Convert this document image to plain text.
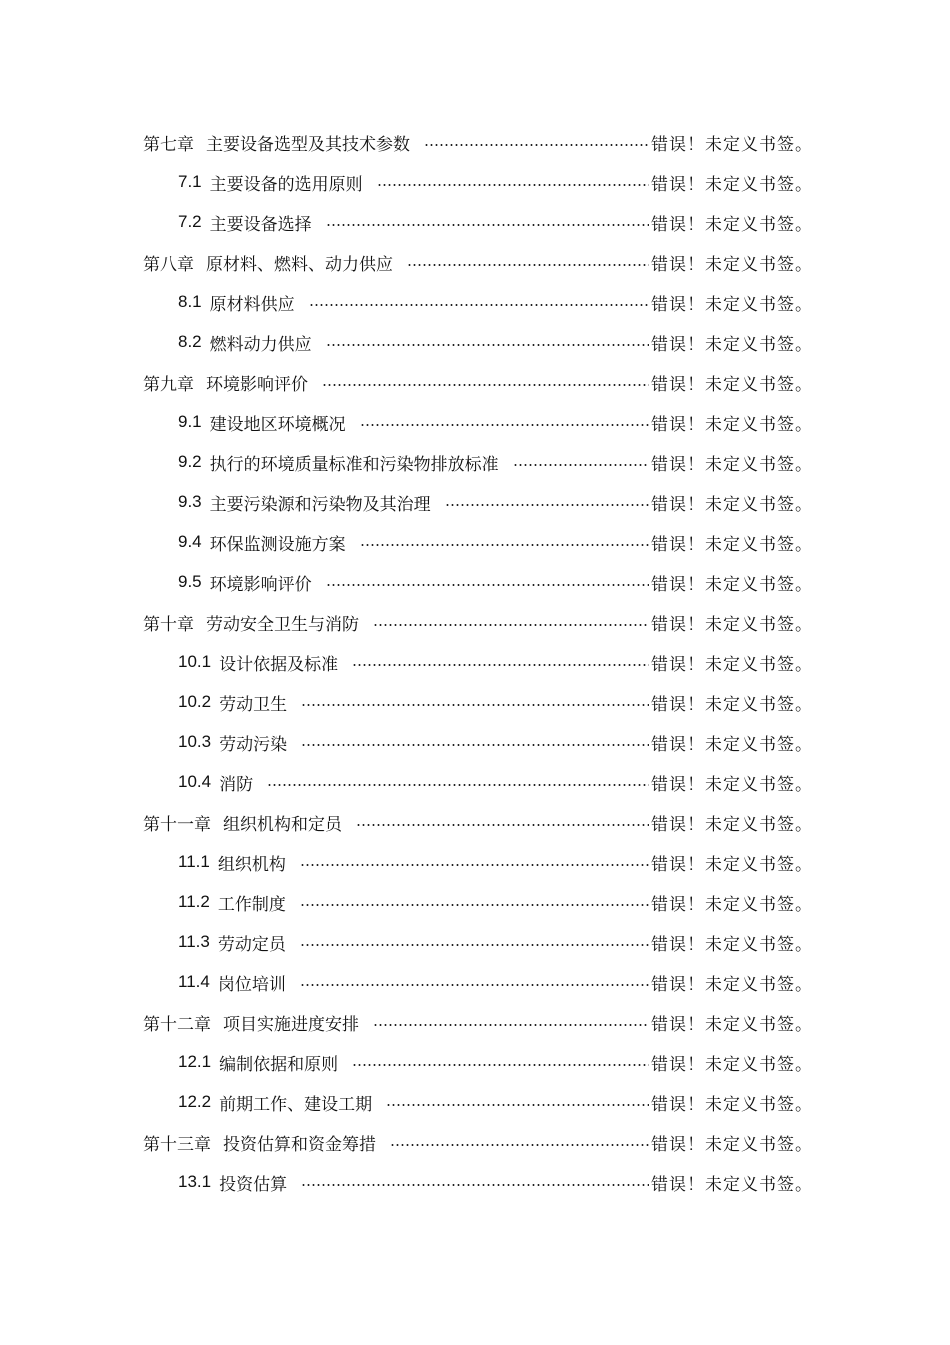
第七章 主要设备选型及其技术参数	错误！未定义书签。
7.1 主要设备的选用原则	错误！未定义书签。
7.2 主要设备选择	错误！未定义书签。
第八章 原材料、燃料、动力供应	错误！未定义书签。
8.1 原材料供应	错误！未定义书签。
8.2 燃料动力供应	错误！未定义书签。
第九章 环境影响评价	错误！未定义书签。
9.1 建设地区环境概况	错误！未定义书签。
9.2 执行的环境质量标准和污染物排放标准	错误！未定义书签。
9.3 主要污染源和污染物及其治理	错误！未定义书签。
9.4 环保监测设施方案	错误！未定义书签。
9.5 环境影响评价	错误！未定义书签。
第十章 劳动安全卫生与消防	错误！未定义书签。
10.1 设计依据及标准	错误！未定义书签。
10.2 劳动卫生	错误！未定义书签。
10.3 劳动污染	错误！未定义书签。
10.4 消防	错误！未定义书签。
第十一章 组织机构和定员	错误！未定义书签。
11.1 组织机构	错误！未定义书签。
11.2 工作制度	错误！未定义书签。
11.3 劳动定员	错误！未定义书签。
11.4 岗位培训	错误！未定义书签。
第十二章 项目实施进度安排	错误！未定义书签。
12.1 编制依据和原则	错误！未定义书签。
12.2 前期工作、建设工期	错误！未定义书签。
第十三章 投资估算和资金筹措	错误！未定义书签。
13.1 投资估算	错误！未定义书签。
